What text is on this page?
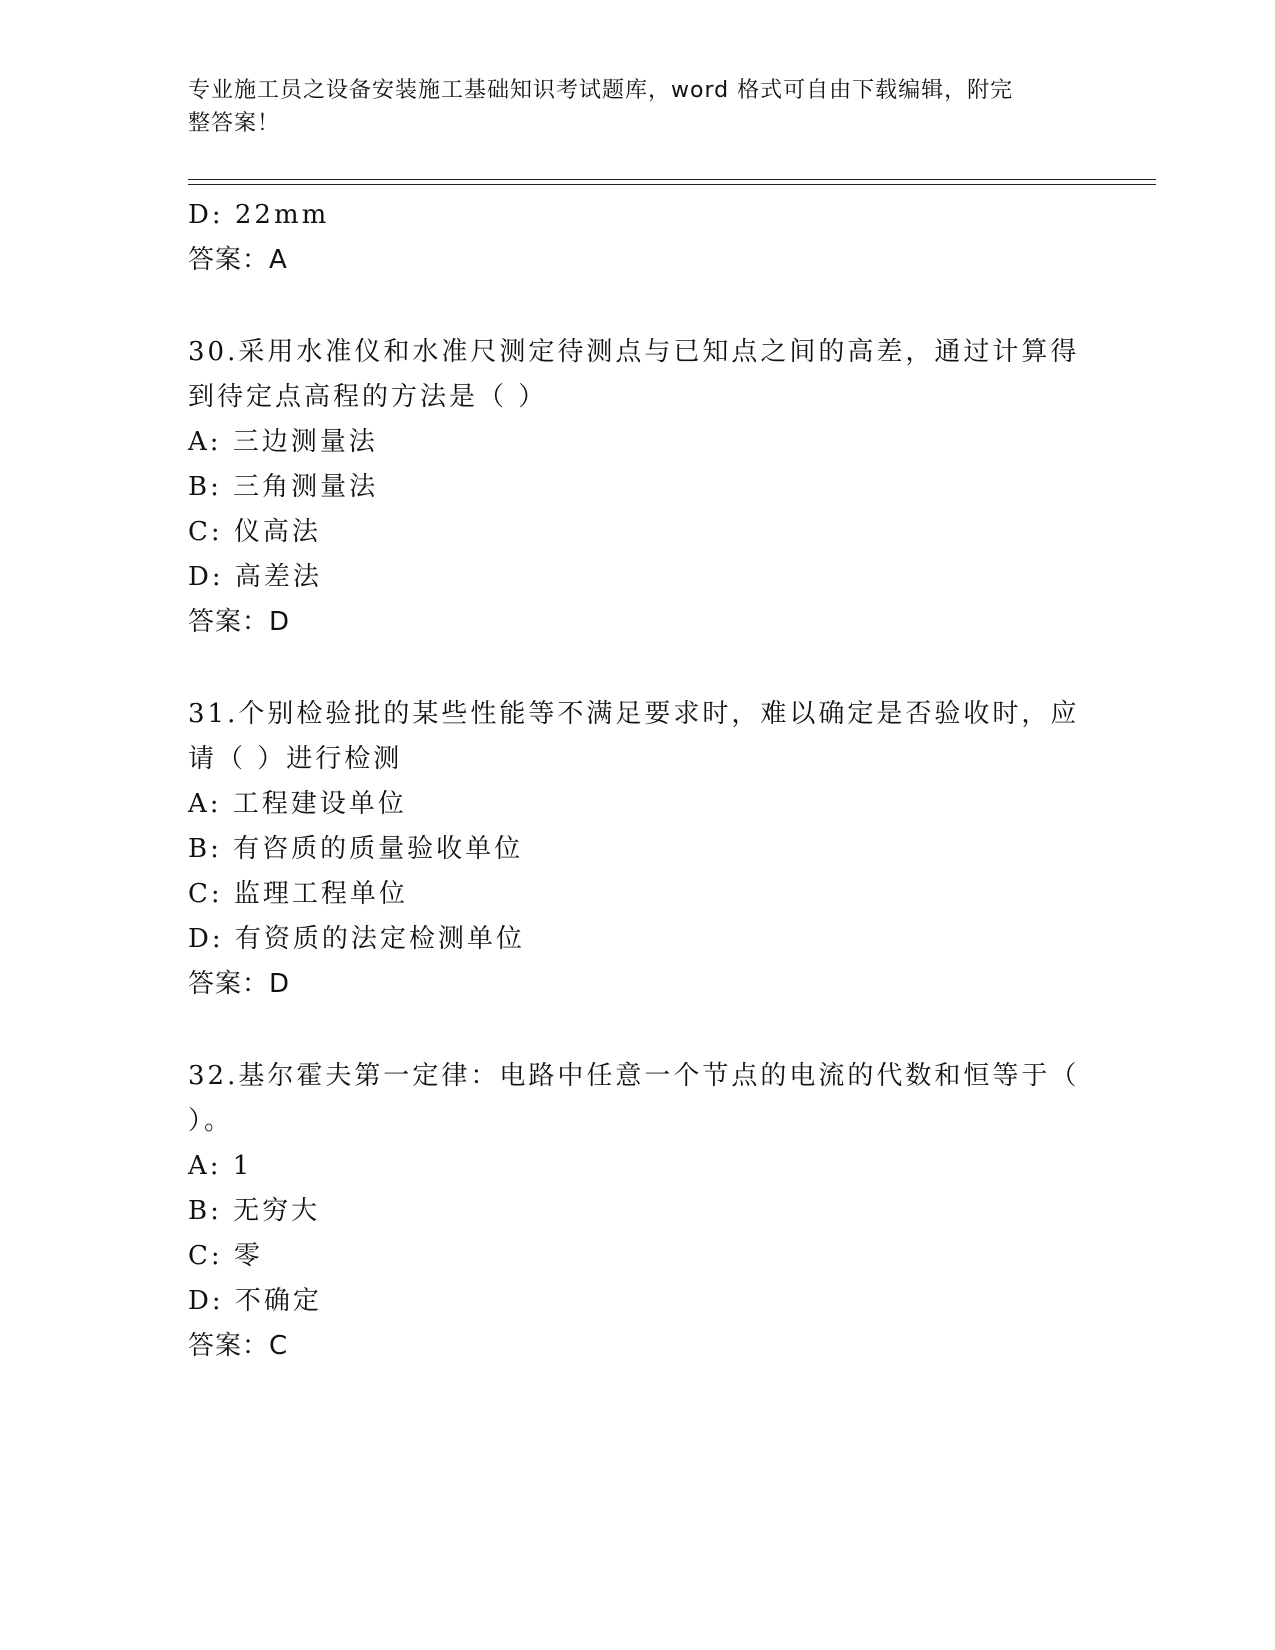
专业施工员之设备安装施工基础知识考试题库，word 格式可自由下载编辑，附完
整答案！
D: 22mm
答案：A
30.采用水准仪和水准尺测定待测点与已知点之间的高差，通过计算得
到待定点高程的方法是（ ）
A: 三边测量法
B: 三角测量法
C: 仪高法
D: 高差法
答案：D
31.个别检验批的某些性能等不满足要求时，难以确定是否验收时，应
请（ ）进行检测
A: 工程建设单位
B: 有咨质的质量验收单位
C: 监理工程单位
D: 有资质的法定检测单位
答案：D
32.基尔霍夫第一定律：电路中任意一个节点的电流的代数和恒等于（
）。
A: 1
B: 无穷大
C: 零
D: 不确定
答案：C
